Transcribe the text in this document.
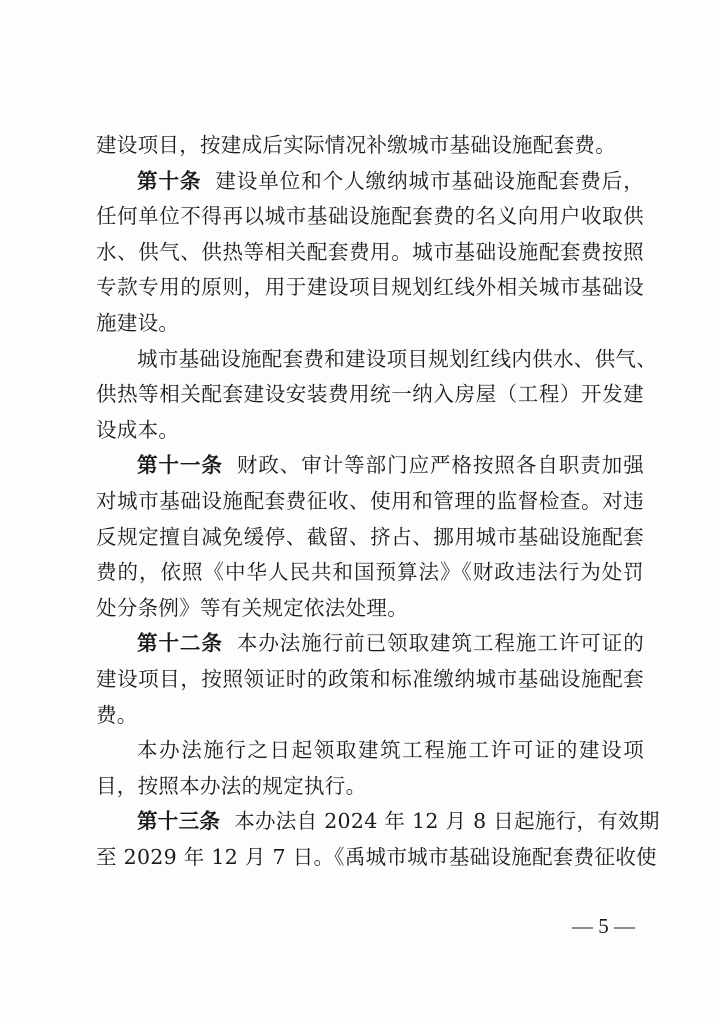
建设项目，按建成后实际情况补缴城市基础设施配套费。
第十条 建设单位和个人缴纳城市基础设施配套费后，
任何单位不得再以城市基础设施配套费的名义向用户收取供
水、供气、供热等相关配套费用。城市基础设施配套费按照
专款专用的原则，用于建设项目规划红线外相关城市基础设
施建设。
城市基础设施配套费和建设项目规划红线内供水、供气、
供热等相关配套建设安装费用统一纳入房屋（工程）开发建
设成本。
第十一条 财政、审计等部门应严格按照各自职责加强
对城市基础设施配套费征收、使用和管理的监督检查。对违
反规定擅自减免缓停、截留、挤占、挪用城市基础设施配套
费的，依照《中华人民共和国预算法》《财政违法行为处罚
处分条例》等有关规定依法处理。
第十二条 本办法施行前已领取建筑工程施工许可证的
建设项目，按照领证时的政策和标准缴纳城市基础设施配套
费。
本办法施行之日起领取建筑工程施工许可证的建设项
目，按照本办法的规定执行。
第十三条 本办法自 2024 年 12 月 8 日起施行，有效期
至 2029 年 12 月 7 日。《禹城市城市基础设施配套费征收使
— 5 —
